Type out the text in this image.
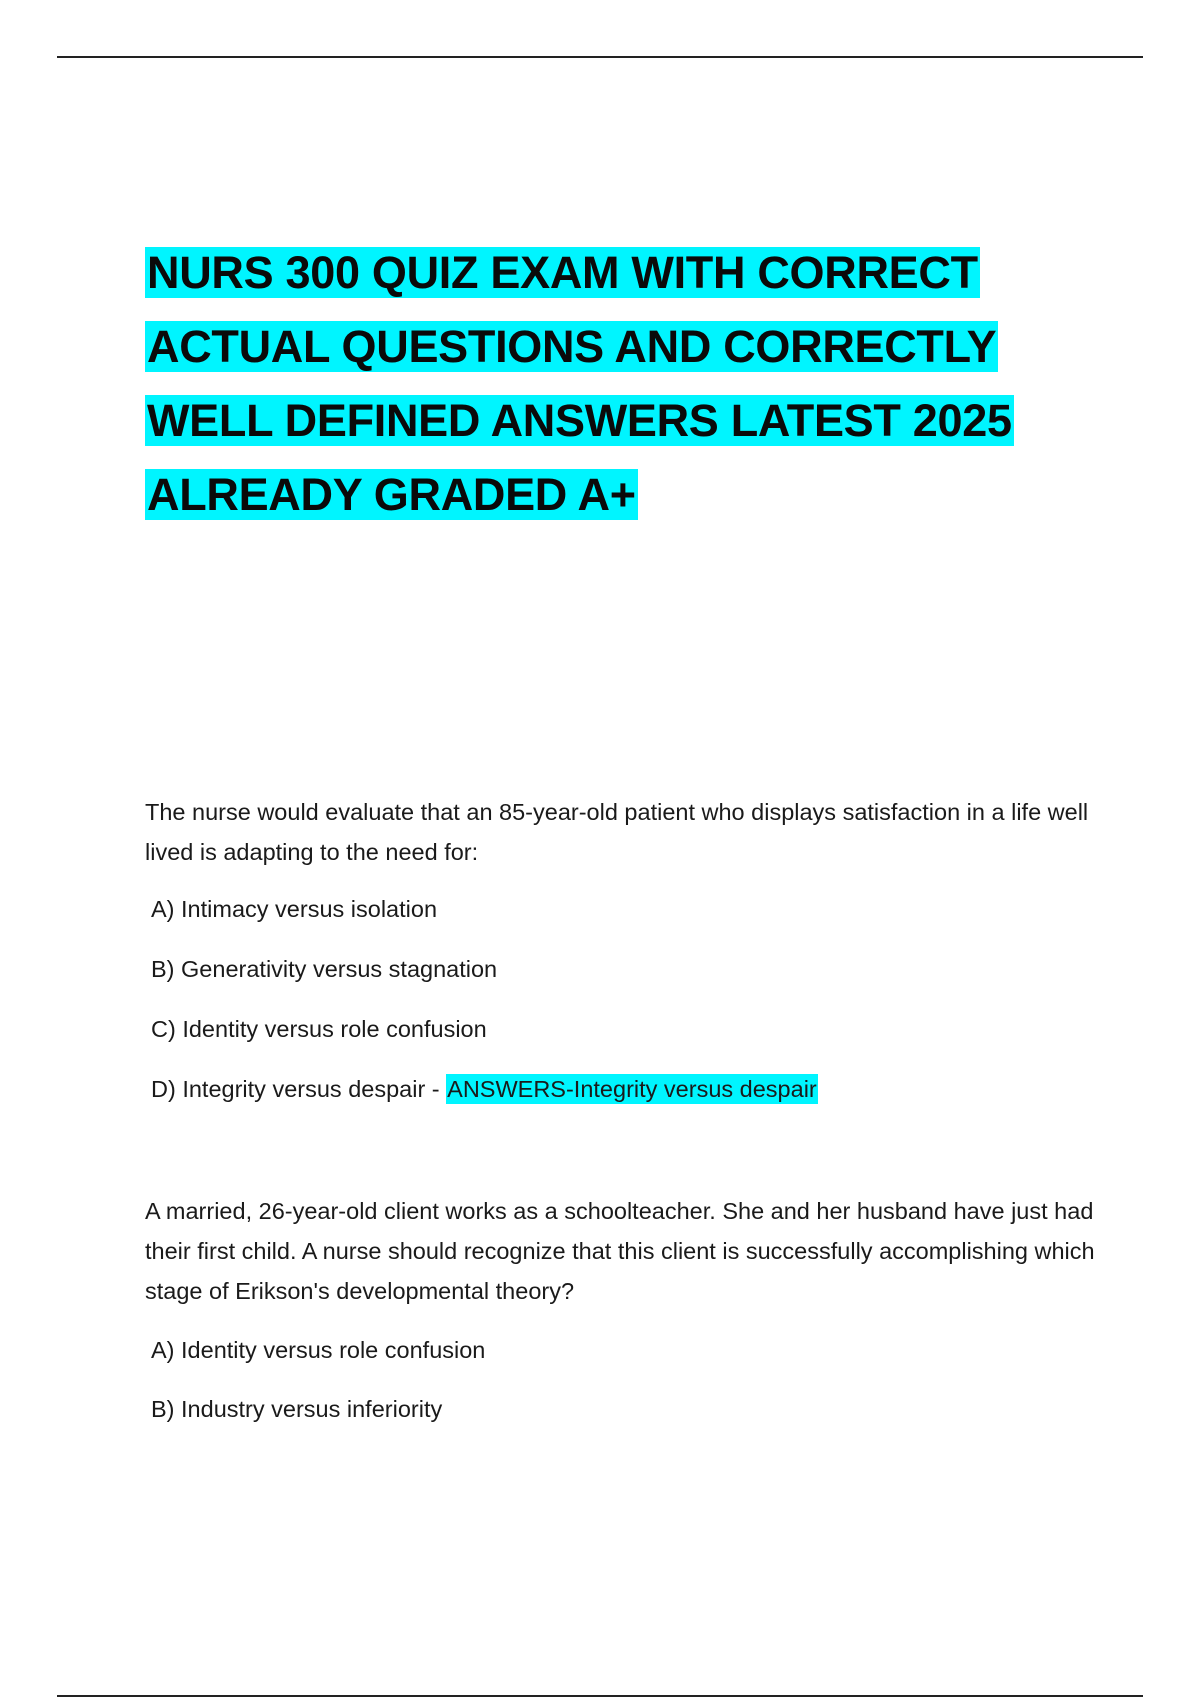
NURS 300 QUIZ EXAM WITH CORRECT
ACTUAL QUESTIONS AND CORRECTLY
WELL DEFINED ANSWERS LATEST 2025
ALREADY GRADED A+

The nurse would evaluate that an 85-year-old patient who displays satisfaction in a life well lived is adapting to the need for:

A) Intimacy versus isolation
B) Generativity versus stagnation
C) Identity versus role confusion
D) Integrity versus despair - ANSWERS-Integrity versus despair

A married, 26-year-old client works as a schoolteacher. She and her husband have just had their first child. A nurse should recognize that this client is successfully accomplishing which stage of Erikson's developmental theory?

A) Identity versus role confusion
B) Industry versus inferiority
